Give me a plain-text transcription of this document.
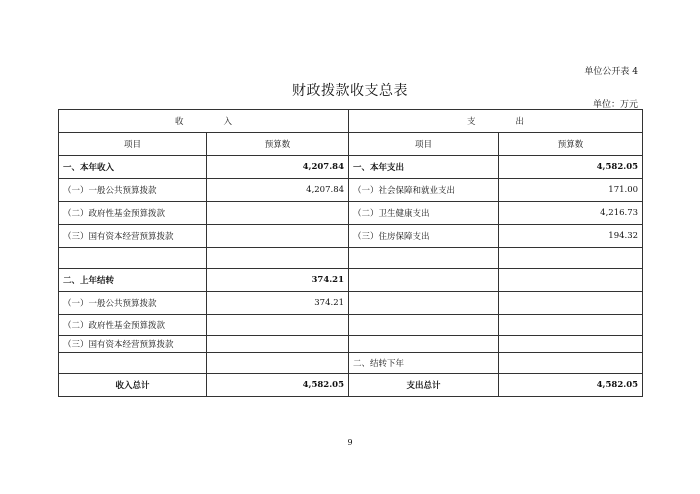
单位公开表 4
财政拨款收支总表
单位：万元
收入		支出	
项目	预算数	项目	预算数
一、本年收入	4,207.84	一、本年支出	4,582.05
（一）一般公共预算拨款	4,207.84	（一）社会保障和就业支出	171.00
（二）政府性基金预算拨款		（二）卫生健康支出	4,216.73
（三）国有资本经营预算拨款		（三）住房保障支出	194.32

二、上年结转	374.21		
（一）一般公共预算拨款	374.21		
（二）政府性基金预算拨款			
（三）国有资本经营预算拨款			
		二、结转下年	
收入总计	4,582.05	支出总计	4,582.05
9
